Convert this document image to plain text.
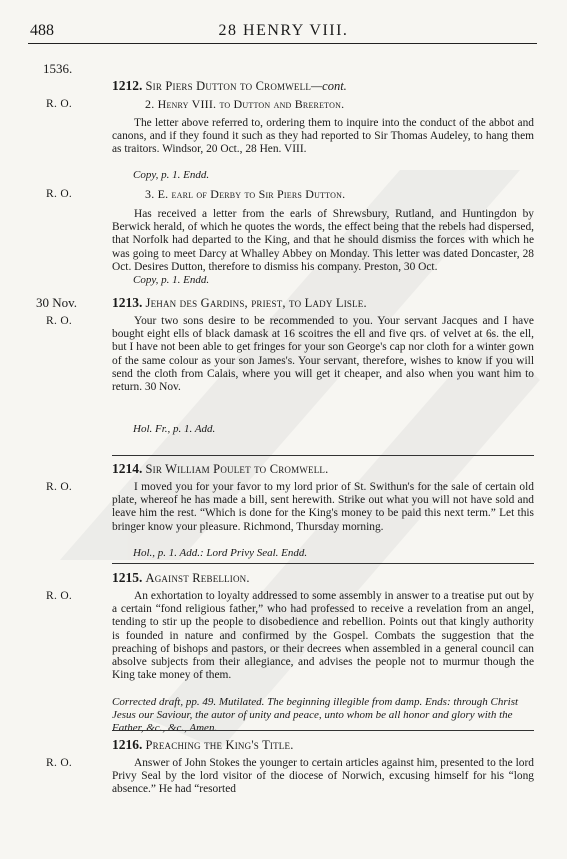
488	28 HENRY VIII.
1536.
1212. Sir Piers Dutton to Cromwell—cont.
R. O.	2. Henry VIII. to Dutton and Brereton.

The letter above referred to, ordering them to inquire into the conduct of the abbot and canons, and if they found it such as they had reported to Sir Thomas Audeley, to hang them as traitors. Windsor, 20 Oct., 28 Hen. VIII.

Copy, p. 1. Endd.
R. O.	3. E. earl of Derby to Sir Piers Dutton.

Has received a letter from the earls of Shrewsbury, Rutland, and Huntingdon by Berwick herald, of which he quotes the words, the effect being that the rebels had dispersed, that Norfolk had departed to the King, and that he should dismiss the forces with which he was going to meet Darcy at Whalley Abbey on Monday. This letter was dated Doncaster, 28 Oct. Desires Dutton, therefore to dismiss his company. Preston, 30 Oct.

Copy, p. 1. Endd.
30 Nov.
R. O.
1213. Jehan des Gardins, priest, to Lady Lisle.

Your two sons desire to be recommended to you. Your servant Jacques and I have bought eight ells of black damask at 16 scoitres the ell and five qrs. of velvet at 6s. the ell, but I have not been able to get fringes for your son George's cap nor cloth for a winter gown of the same colour as your son James's. Your servant, therefore, wishes to know if you will send the cloth from Calais, where you will get it cheaper, and also when you want him to return. 30 Nov.

Hol. Fr., p. 1. Add.
1214. Sir William Poulet to Cromwell.
R. O.	I moved you for your favor to my lord prior of St. Swithun's for the sale of certain old plate, whereof he has made a bill, sent herewith. Strike out what you will not have sold and leave him the rest. “Which is done for the King's money to be paid this next term.” Let this bringer know your pleasure. Richmond, Thursday morning.

Hol., p. 1. Add.: Lord Privy Seal. Endd.
1215. Against Rebellion.
R. O.	An exhortation to loyalty addressed to some assembly in answer to a treatise put out by a certain “fond religious father,” who had professed to receive a revelation from an angel, tending to stir up the people to disobedience and rebellion. Points out that kingly authority is founded in nature and confirmed by the Gospel. Combats the suggestion that the preaching of bishops and pastors, or their decrees when assembled in a general council can absolve subjects from their allegiance, and advises the people not to murmur though the King take money of them.

Corrected draft, pp. 49. Mutilated. The beginning illegible from damp. Ends: through Christ Jesus our Saviour, the autor of unity and peace, unto whom be all honor and glory with the Father, &c., &c., Amen.
1216. Preaching the King's Title.
R. O.	Answer of John Stokes the younger to certain articles against him, presented to the lord Privy Seal by the lord visitor of the diocese of Norwich, excusing himself for his “long absence.” He had “resorted
